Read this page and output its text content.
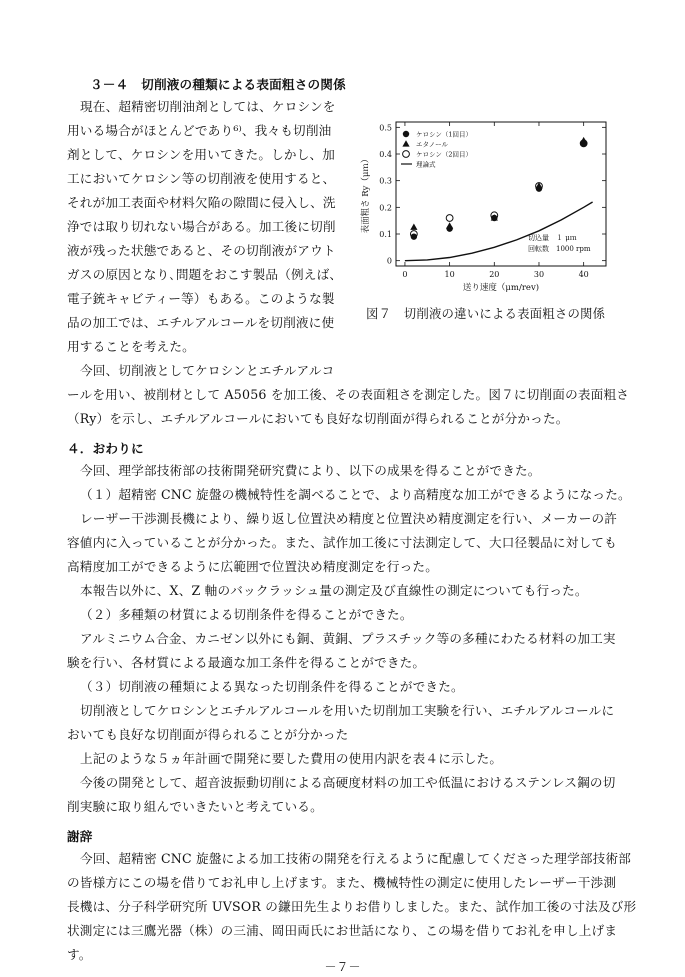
３－４　切削液の種類による表面粗さの関係
現在、超精密切削油剤としては、ケロシンを
用いる場合がほとんどであり⁶⁾、我々も切削油
剤として、ケロシンを用いてきた。しかし、加
工においてケロシン等の切削液を使用すると、
それが加工表面や材料欠陥の隙間に侵入し、洗
浄では取り切れない場合がある。加工後に切削
液が残った状態であると、その切削液がアウト
ガスの原因となり､問題をおこす製品（例えば、
電子銃キャビティー等）もある。このような製
品の加工では、エチルアルコールを切削液に使
用することを考えた。
今回、切削液としてケロシンとエチルアルコ
ールを用い、被削材として A5056 を加工後、その表面粗さを測定した。図７に切削面の表面粗さ
（Ry）を示し、エチルアルコールにおいても良好な切削面が得られることが分かった。
0
0.1
0.2
0.3
0.4
0.5
0	10	20	30	40
送り速度（μm/rev)
表面粗さ Ry（μｍ）
ケロシン（1回目）
エタノール
ケロシン（2回目）
理論式
切込量　１ μｍ
回転数　1000 rpm
図７　切削液の違いによる表面粗さの関係
４．おわりに
今回、理学部技術部の技術開発研究費により、以下の成果を得ることができた。
（１）超精密 CNC 旋盤の機械特性を調べることで、より高精度な加工ができるようになった。
レーザー干渉測長機により、繰り返し位置決め精度と位置決め精度測定を行い、メーカーの許
容値内に入っていることが分かった。また、試作加工後に寸法測定して、大口径製品に対しても
高精度加工ができるように広範囲で位置決め精度測定を行った。
本報告以外に、X、Z 軸のバックラッシュ量の測定及び直線性の測定についても行った。
（２）多種類の材質による切削条件を得ることができた。
アルミニウム合金、カニゼン以外にも銅、黄銅、プラスチック等の多種にわたる材料の加工実
験を行い、各材質による最適な加工条件を得ることができた。
（３）切削液の種類による異なった切削条件を得ることができた。
切削液としてケロシンとエチルアルコールを用いた切削加工実験を行い、エチルアルコールに
おいても良好な切削面が得られることが分かった
上記のような５ヵ年計画で開発に要した費用の使用内訳を表４に示した。
今後の開発として、超音波振動切削による高硬度材料の加工や低温におけるステンレス鋼の切
削実験に取り組んでいきたいと考えている。
謝辞
今回、超精密 CNC 旋盤による加工技術の開発を行えるように配慮してくださった理学部技術部
の皆様方にこの場を借りてお礼申し上げます。また、機械特性の測定に使用したレーザー干渉測
長機は、分子科学研究所 UVSOR の鎌田先生よりお借りしました。また、試作加工後の寸法及び形
状測定には三鷹光器（株）の三浦、岡田両氏にお世話になり、この場を借りてお礼を申し上げま
す。
－７－
